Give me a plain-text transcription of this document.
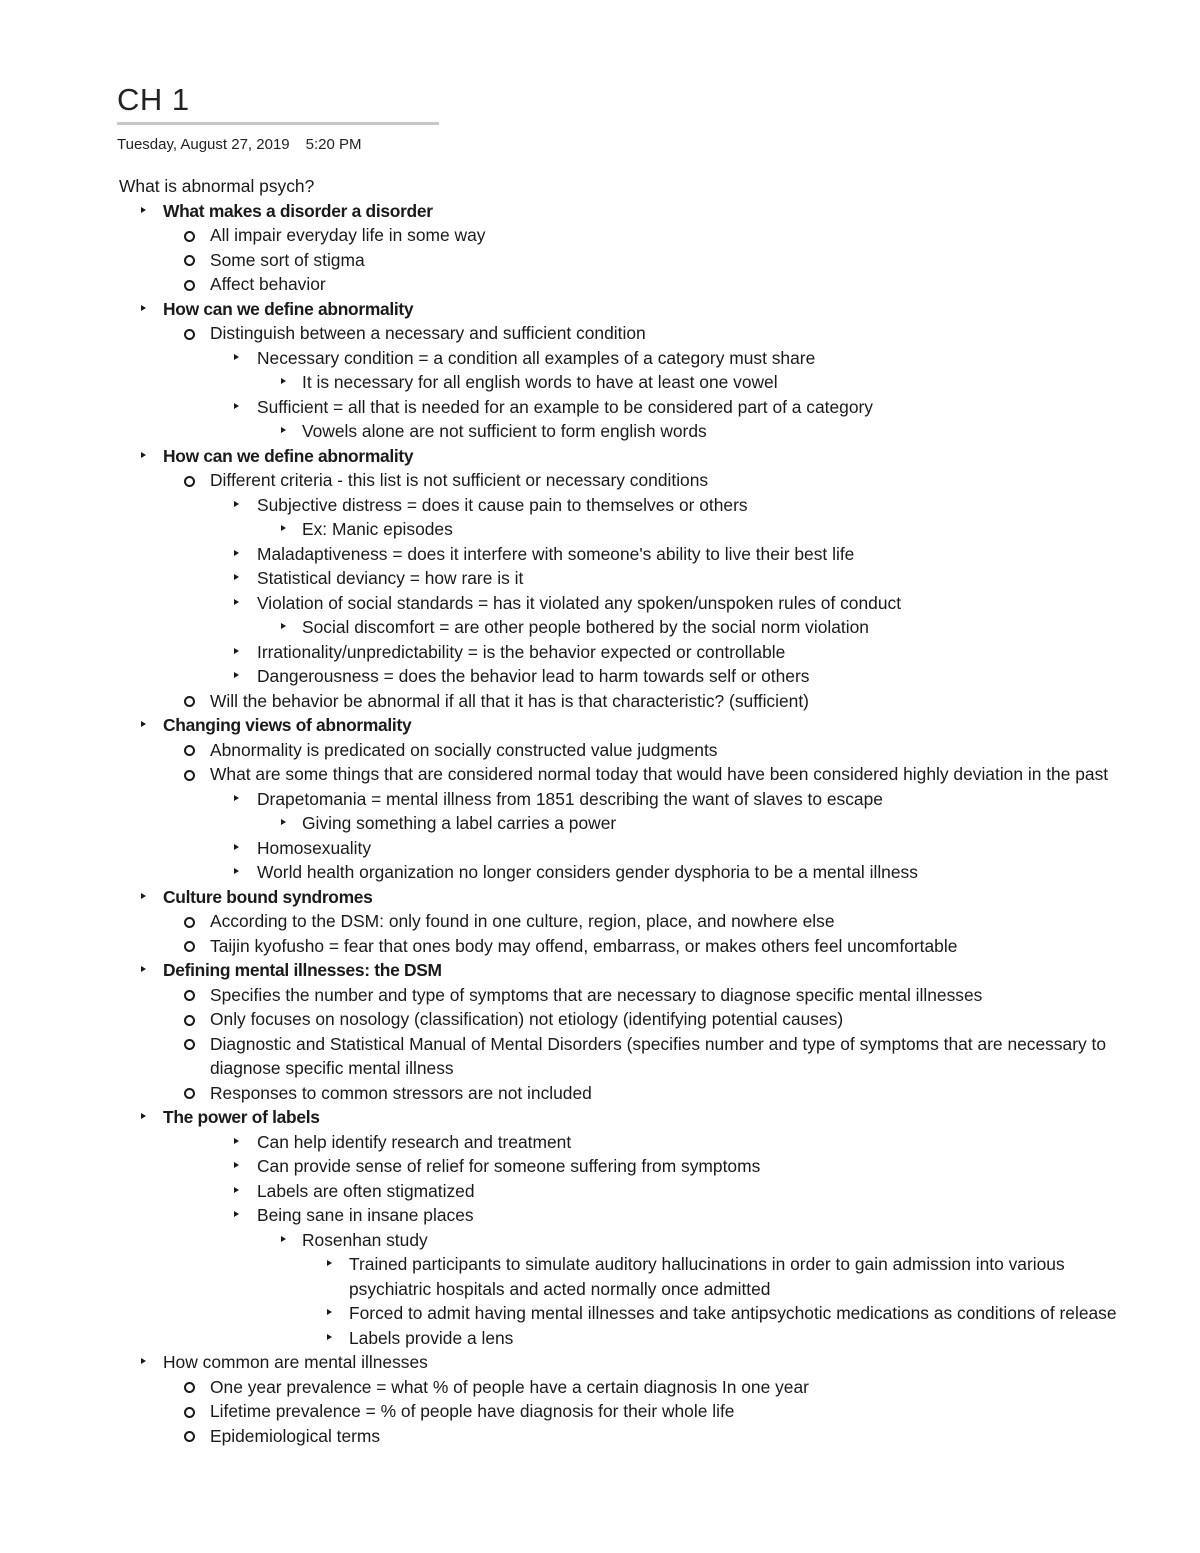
CH 1
Tuesday, August 27, 2019 5:20 PM
What is abnormal psych?
What makes a disorder a disorder
All impair everyday life in some way
Some sort of stigma
Affect behavior
How can we define abnormality
Distinguish between a necessary and sufficient condition
Necessary condition = a condition all examples of a category must share
It is necessary for all english words to have at least one vowel
Sufficient = all that is needed for an example to be considered part of a category
Vowels alone are not sufficient to form english words
How can we define abnormality
Different criteria - this list is not sufficient or necessary conditions
Subjective distress = does it cause pain to themselves or others
Ex: Manic episodes
Maladaptiveness = does it interfere with someone's ability to live their best life
Statistical deviancy = how rare is it
Violation of social standards = has it violated any spoken/unspoken rules of conduct
Social discomfort = are other people bothered by the social norm violation
Irrationality/unpredictability = is the behavior expected or controllable
Dangerousness = does the behavior lead to harm towards self or others
Will the behavior be abnormal if all that it has is that characteristic? (sufficient)
Changing views of abnormality
Abnormality is predicated on socially constructed value judgments
What are some things that are considered normal today that would have been considered highly deviation in the past
Drapetomania = mental illness from 1851 describing the want of slaves to escape
Giving something a label carries a power
Homosexuality
World health organization no longer considers gender dysphoria to be a mental illness
Culture bound syndromes
According to the DSM: only found in one culture, region, place, and nowhere else
Taijin kyofusho = fear that ones body may offend, embarrass, or makes others feel uncomfortable
Defining mental illnesses: the DSM
Specifies the number and type of symptoms that are necessary to diagnose specific mental illnesses
Only focuses on nosology (classification) not etiology (identifying potential causes)
Diagnostic and Statistical Manual of Mental Disorders (specifies number and type of symptoms that are necessary to diagnose specific mental illness
Responses to common stressors are not included
The power of labels
Can help identify research and treatment
Can provide sense of relief for someone suffering from symptoms
Labels are often stigmatized
Being sane in insane places
Rosenhan study
Trained participants to simulate auditory hallucinations in order to gain admission into various psychiatric hospitals and acted normally once admitted
Forced to admit having mental illnesses and take antipsychotic medications as conditions of release
Labels provide a lens
How common are mental illnesses
One year prevalence = what % of people have a certain diagnosis In one year
Lifetime prevalence = % of people have diagnosis for their whole life
Epidemiological terms
